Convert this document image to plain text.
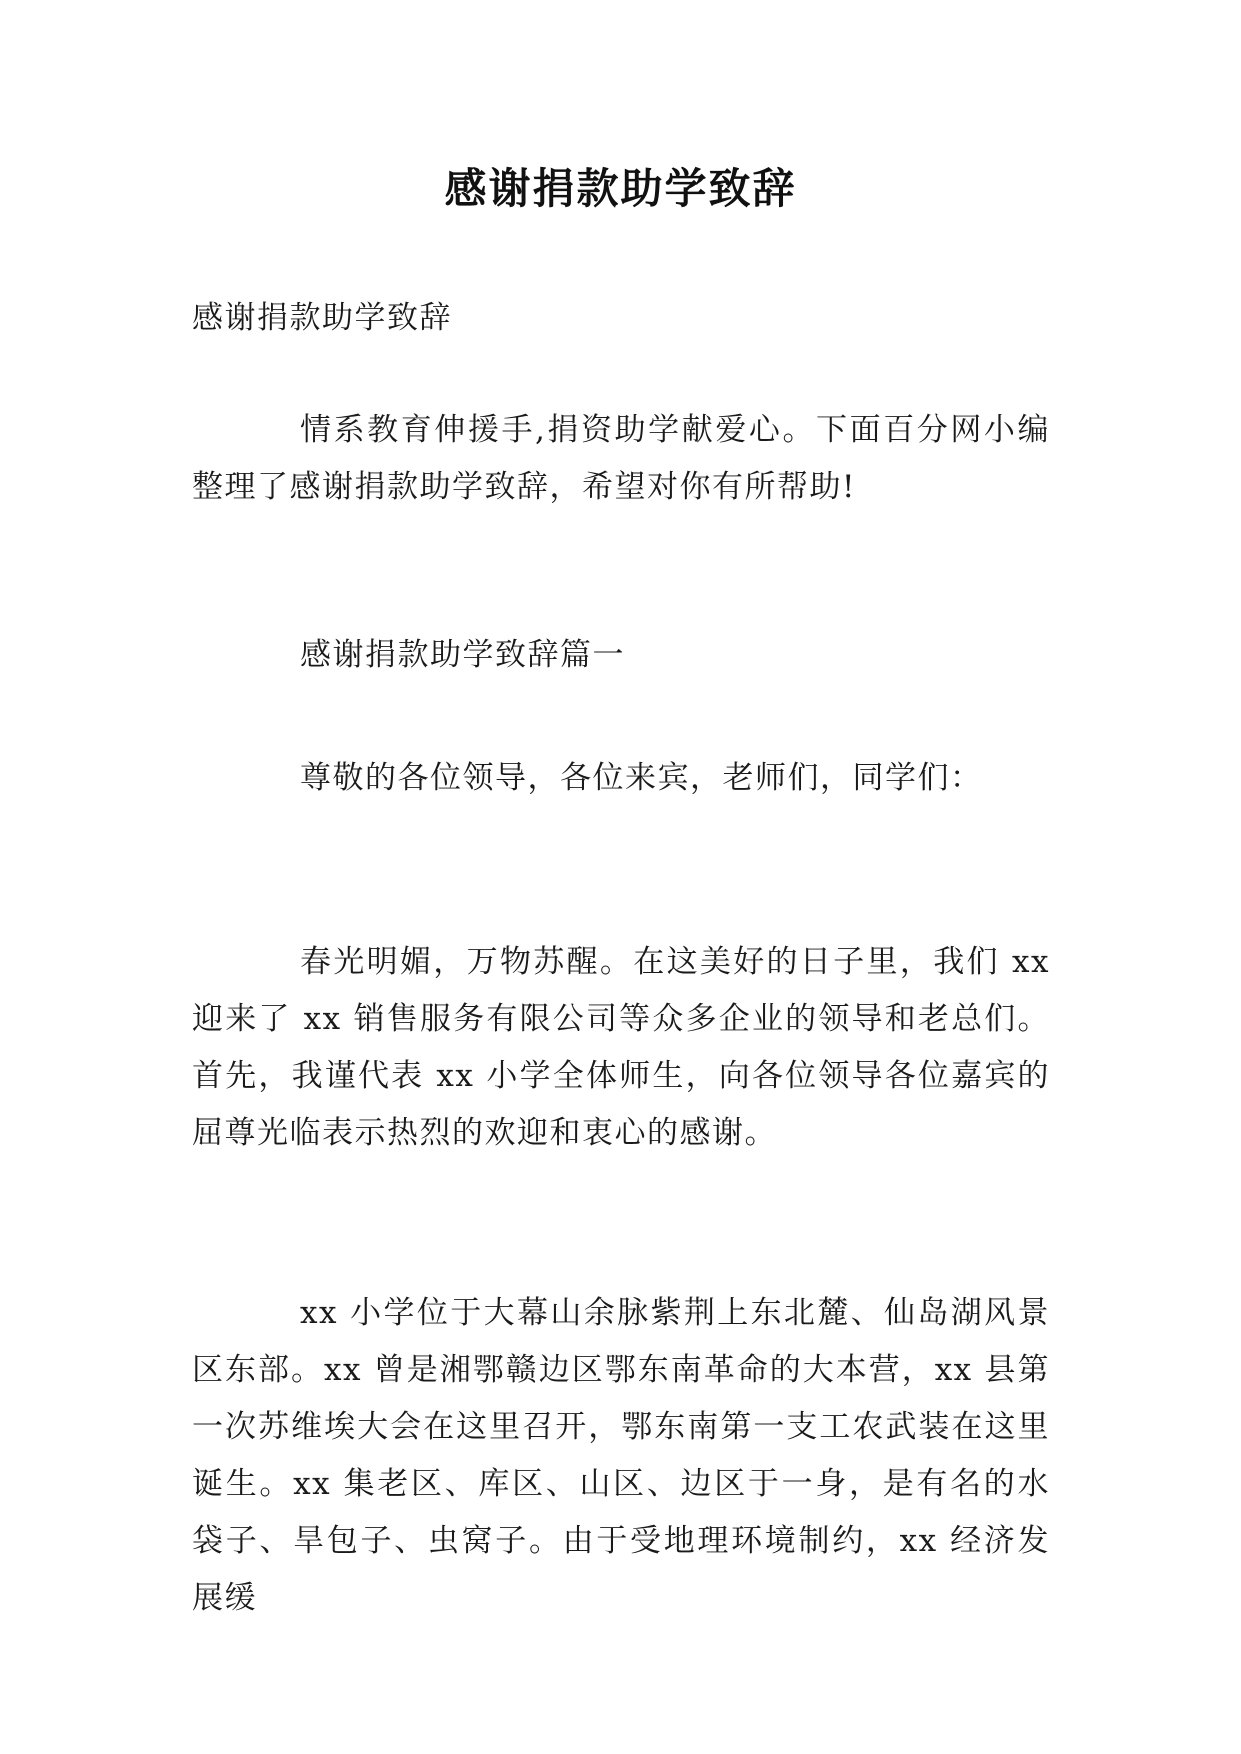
感谢捐款助学致辞
感谢捐款助学致辞

情系教育伸援手,捐资助学献爱心。下面百分网小编整理了感谢捐款助学致辞，希望对你有所帮助!

感谢捐款助学致辞篇一

尊敬的各位领导，各位来宾，老师们，同学们：

春光明媚，万物苏醒。在这美好的日子里，我们 xx 迎来了 xx 销售服务有限公司等众多企业的领导和老总们。首先，我谨代表 xx 小学全体师生，向各位领导各位嘉宾的屈尊光临表示热烈的欢迎和衷心的感谢。

xx 小学位于大幕山余脉紫荆上东北麓、仙岛湖风景区东部。xx 曾是湘鄂赣边区鄂东南革命的大本营，xx 县第一次苏维埃大会在这里召开，鄂东南第一支工农武装在这里诞生。xx 集老区、库区、山区、边区于一身，是有名的水袋子、旱包子、虫窝子。由于受地理环境制约，xx 经济发展缓
